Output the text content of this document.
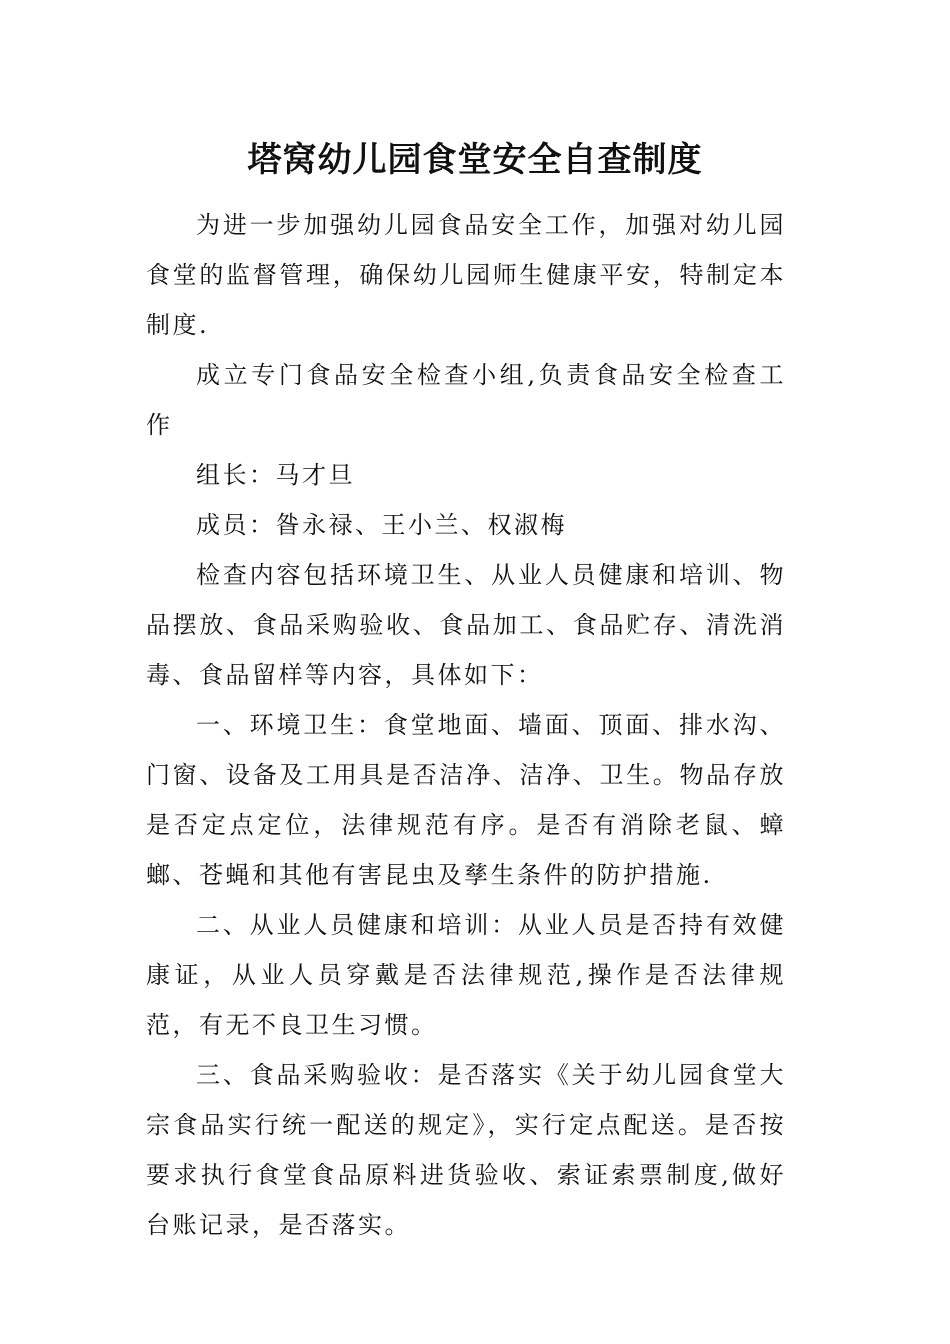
塔窝幼儿园食堂安全自查制度

为进一步加强幼儿园食品安全工作，加强对幼儿园食堂的监督管理，确保幼儿园师生健康平安，特制定本制度.

成立专门食品安全检查小组,负责食品安全检查工作

组长：马才旦

成员：昝永禄、王小兰、权淑梅

检查内容包括环境卫生、从业人员健康和培训、物品摆放、食品采购验收、食品加工、食品贮存、清洗消毒、食品留样等内容，具体如下：

一、环境卫生：食堂地面、墙面、顶面、排水沟、门窗、设备及工用具是否洁净、洁净、卫生。物品存放是否定点定位，法律规范有序。是否有消除老鼠、蟑螂、苍蝇和其他有害昆虫及孳生条件的防护措施.

二、从业人员健康和培训：从业人员是否持有效健康证，从业人员穿戴是否法律规范,操作是否法律规范，有无不良卫生习惯。

三、食品采购验收：是否落实《关于幼儿园食堂大宗食品实行统一配送的规定》，实行定点配送。是否按要求执行食堂食品原料进货验收、索证索票制度,做好台账记录，是否落实。
